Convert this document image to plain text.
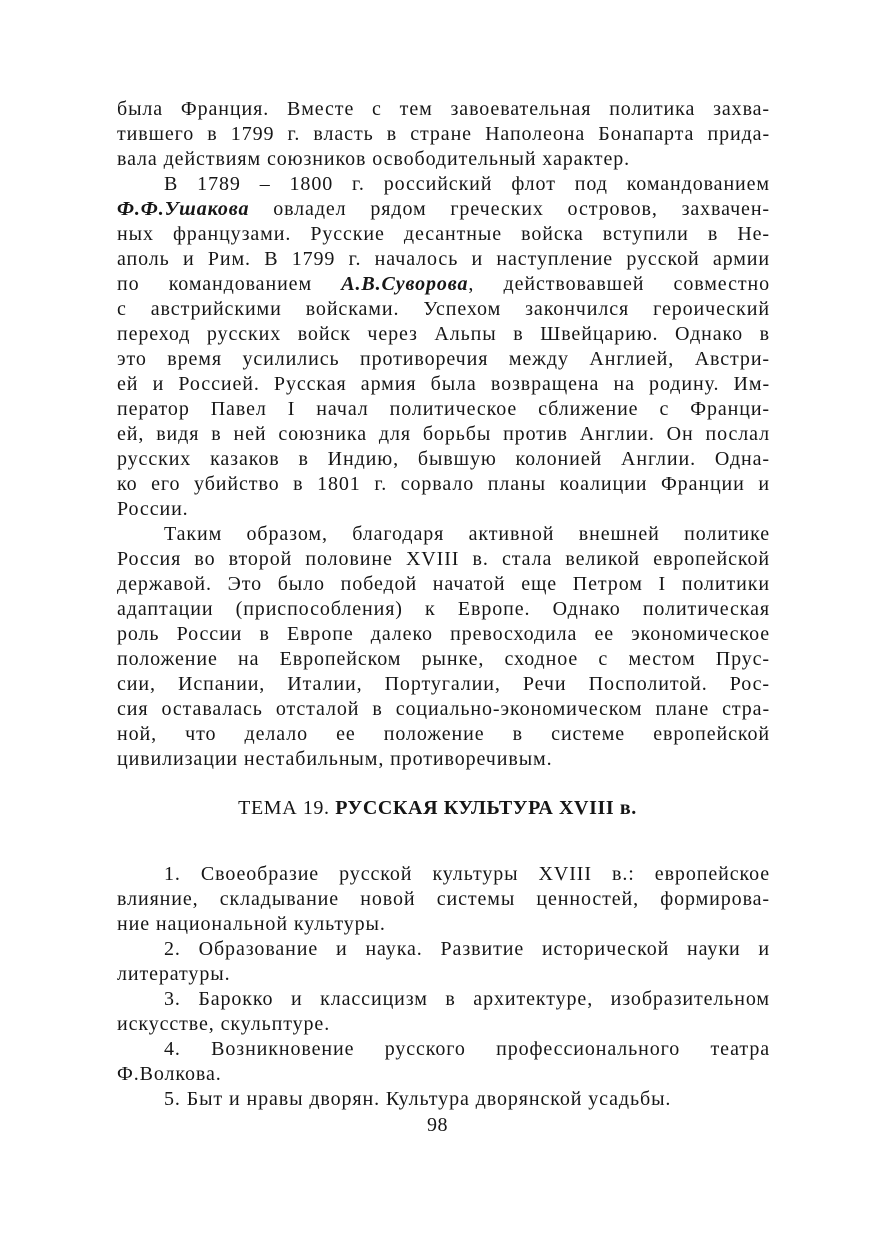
была Франция. Вместе с тем завоевательная политика захва-
тившего в 1799 г. власть в стране Наполеона Бонапарта прида-
вала действиям союзников освободительный характер.
В 1789 – 1800 г. российский флот под командованием
Ф.Ф.Ушакова овладел рядом греческих островов, захвачен-
ных французами. Русские десантные войска вступили в Не-
аполь и Рим. В 1799 г. началось и наступление русской армии
по командованием А.В.Суворова, действовавшей совместно
с австрийскими войсками. Успехом закончился героический
переход русских войск через Альпы в Швейцарию. Однако в
это время усилились противоречия между Англией, Австри-
ей и Россией. Русская армия была возвращена на родину. Им-
ператор Павел I начал политическое сближение с Франци-
ей, видя в ней союзника для борьбы против Англии. Он послал
русских казаков в Индию, бывшую колонией Англии. Одна-
ко его убийство в 1801 г. сорвало планы коалиции Франции и
России.
Таким образом, благодаря активной внешней политике
Россия во второй половине XVIII в. стала великой европейской
державой. Это было победой начатой еще Петром I политики
адаптации (приспособления) к Европе. Однако политическая
роль России в Европе далеко превосходила ее экономическое
положение на Европейском рынке, сходное с местом Прус-
сии, Испании, Италии, Португалии, Речи Посполитой. Рос-
сия оставалась отсталой в социально-экономическом плане стра-
ной, что делало ее положение в системе европейской
цивилизации нестабильным, противоречивым.
ТЕМА 19. РУССКАЯ КУЛЬТУРА XVIII в.
1. Своеобразие русской культуры XVIII в.: европейское
влияние, складывание новой системы ценностей, формирова-
ние национальной культуры.
2. Образование и наука. Развитие исторической науки и
литературы.
3. Барокко и классицизм в архитектуре, изобразительном
искусстве, скульптуре.
4. Возникновение русского профессионального театра
Ф.Волкова.
5. Быт и нравы дворян. Культура дворянской усадьбы.
98
